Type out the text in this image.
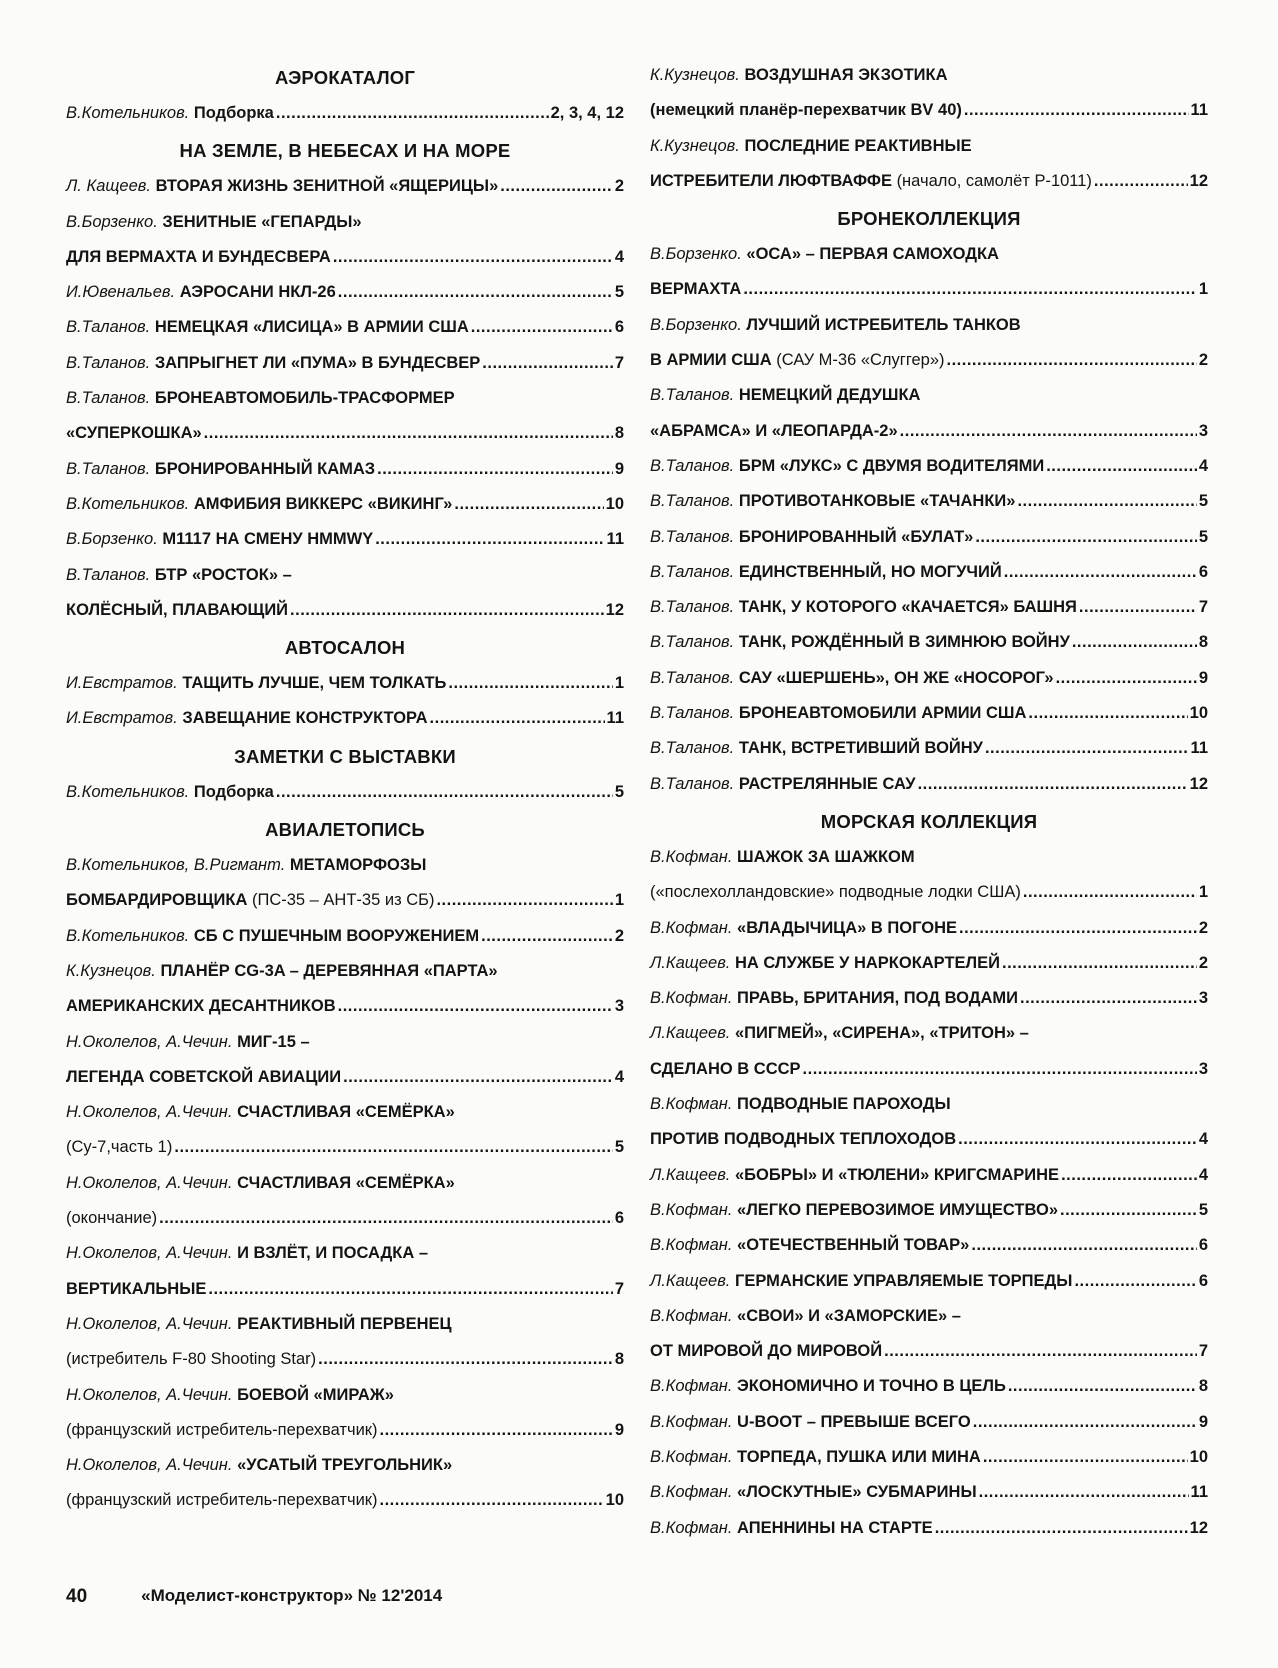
АЭРОКАТАЛОГ
В.Котельников.
Подборка .....	2, 3, 4, 12
НА ЗЕМЛЕ, В НЕБЕСАХ И НА МОРЕ
Л. Кащеев.
ВТОРАЯ ЖИЗНЬ ЗЕНИТНОЙ «ЯЩЕРИЦЫ» .....	2
В.Борзенко.
ЗЕНИТНЫЕ «ГЕПАРДЫ»
ДЛЯ ВЕРМАХТА И БУНДЕСВЕРА .....	4
И.Ювенальев.
АЭРОСАНИ НКЛ-26 .....	5
В.Таланов.
НЕМЕЦКАЯ «ЛИСИЦА» В АРМИИ США .....	6
В.Таланов.
ЗАПРЫГНЕТ ЛИ «ПУМА» В БУНДЕСВЕР .....	7
В.Таланов.
БРОНЕАВТОМОБИЛЬ-ТРАСФОРМЕР
«СУПЕРКОШКА» .....	8
В.Таланов.
БРОНИРОВАННЫЙ КАМАЗ .....	9
В.Котельников.
АМФИБИЯ ВИККЕРС «ВИКИНГ» .....	10
В.Борзенко.
M1117 НА СМЕНУ HMMWY .....	11
В.Таланов.
БТР «РОСТОК» –
КОЛЁСНЫЙ, ПЛАВАЮЩИЙ .....	12
АВТОСАЛОН
И.Евстратов.
ТАЩИТЬ ЛУЧШЕ, ЧЕМ ТОЛКАТЬ .....	1
И.Евстратов.
ЗАВЕЩАНИЕ КОНСТРУКТОРА .....	11
ЗАМЕТКИ С ВЫСТАВКИ
В.Котельников.
Подборка .....	5
АВИАЛЕТОПИСЬ
В.Котельников, В.Ригмант.
МЕТАМОРФОЗЫ
БОМБАРДИРОВЩИКА
(ПС-35 – АНТ-35 из СБ) .....	1
В.Котельников.
СБ С ПУШЕЧНЫМ ВООРУЖЕНИЕМ .....	2
К.Кузнецов.
ПЛАНЁР CG-3A – ДЕРЕВЯННАЯ «ПАРТА»
АМЕРИКАНСКИХ ДЕСАНТНИКОВ .....	3
Н.Околелов, А.Чечин.
МИГ-15 –
ЛЕГЕНДА СОВЕТСКОЙ АВИАЦИИ .....	4
Н.Околелов, А.Чечин.
СЧАСТЛИВАЯ «СЕМЁРКА»
(Су-7,часть 1) .....	5
Н.Околелов, А.Чечин.
СЧАСТЛИВАЯ «СЕМЁРКА»
(окончание) .....	6
Н.Околелов, А.Чечин.
И ВЗЛЁТ, И ПОСАДКА –
ВЕРТИКАЛЬНЫЕ .....	7
Н.Околелов, А.Чечин.
РЕАКТИВНЫЙ ПЕРВЕНЕЦ
(истребитель F-80 Shooting Star) .....	8
Н.Околелов, А.Чечин.
БОЕВОЙ «МИРАЖ»
(французский истребитель-перехватчик) .....	9
Н.Околелов, А.Чечин.
«УСАТЫЙ ТРЕУГОЛЬНИК»
(французский истребитель-перехватчик) .....	10
К.Кузнецов.
ВОЗДУШНАЯ ЭКЗОТИКА
(немецкий планёр-перехватчик BV 40) .....	11
К.Кузнецов.
ПОСЛЕДНИЕ РЕАКТИВНЫЕ
ИСТРЕБИТЕЛИ ЛЮФТВАФФЕ
(начало, самолёт Р-1011) .....	12
БРОНЕКОЛЛЕКЦИЯ
В.Борзенко.
«ОСА» – ПЕРВАЯ САМОХОДКА
ВЕРМАХТА .....	1
В.Борзенко.
ЛУЧШИЙ ИСТРЕБИТЕЛЬ ТАНКОВ
В АРМИИ США
(САУ М-36 «Слуггер») .....	2
В.Таланов.
НЕМЕЦКИЙ ДЕДУШКА
«АБРАМСА» И «ЛЕОПАРДА-2» .....	3
В.Таланов.
БРМ «ЛУКС» С ДВУМЯ ВОДИТЕЛЯМИ .....	4
В.Таланов.
ПРОТИВОТАНКОВЫЕ «ТАЧАНКИ» .....	5
В.Таланов.
БРОНИРОВАННЫЙ «БУЛАТ» .....	5
В.Таланов.
ЕДИНСТВЕННЫЙ, НО МОГУЧИЙ .....	6
В.Таланов.
ТАНК, У КОТОРОГО «КАЧАЕТСЯ» БАШНЯ .....	7
В.Таланов.
ТАНК, РОЖДЁННЫЙ В ЗИМНЮЮ ВОЙНУ .....	8
В.Таланов.
САУ «ШЕРШЕНЬ», ОН ЖЕ «НОСОРОГ» .....	9
В.Таланов.
БРОНЕАВТОМОБИЛИ АРМИИ США .....	10
В.Таланов.
ТАНК, ВСТРЕТИВШИЙ ВОЙНУ .....	11
В.Таланов.
РАСТРЕЛЯННЫЕ САУ .....	12
МОРСКАЯ КОЛЛЕКЦИЯ
В.Кофман.
ШАЖОК ЗА ШАЖКОМ
(«послехолландовские» подводные лодки США) .....	1
В.Кофман.
«ВЛАДЫЧИЦА» В ПОГОНЕ .....	2
Л.Кащеев.
НА СЛУЖБЕ У НАРКОКАРТЕЛЕЙ .....	2
В.Кофман.
ПРАВЬ, БРИТАНИЯ, ПОД ВОДАМИ .....	3
Л.Кащеев.
«ПИГМЕЙ», «СИРЕНА», «ТРИТОН» –
СДЕЛАНО В СССР .....	3
В.Кофман.
ПОДВОДНЫЕ ПАРОХОДЫ
ПРОТИВ ПОДВОДНЫХ ТЕПЛОХОДОВ .....	4
Л.Кащеев.
«БОБРЫ» И «ТЮЛЕНИ» КРИГСМАРИНЕ .....	4
В.Кофман.
«ЛЕГКО ПЕРЕВОЗИМОЕ ИМУЩЕСТВО» .....	5
В.Кофман.
«ОТЕЧЕСТВЕННЫЙ ТОВАР» .....	6
Л.Кащеев.
ГЕРМАНСКИЕ УПРАВЛЯЕМЫЕ ТОРПЕДЫ .....	6
В.Кофман.
«СВОИ» И «ЗАМОРСКИЕ» –
ОТ МИРОВОЙ ДО МИРОВОЙ .....	7
В.Кофман.
ЭКОНОМИЧНО И ТОЧНО В ЦЕЛЬ .....	8
В.Кофман.
U-BOOT – ПРЕВЫШЕ ВСЕГО .....	9
В.Кофман.
ТОРПЕДА, ПУШКА ИЛИ МИНА .....	10
В.Кофман.
«ЛОСКУТНЫЕ» СУБМАРИНЫ .....	11
В.Кофман.
АПЕННИНЫ НА СТАРТЕ .....	12
40	«Моделист-конструктор» № 12'2014
